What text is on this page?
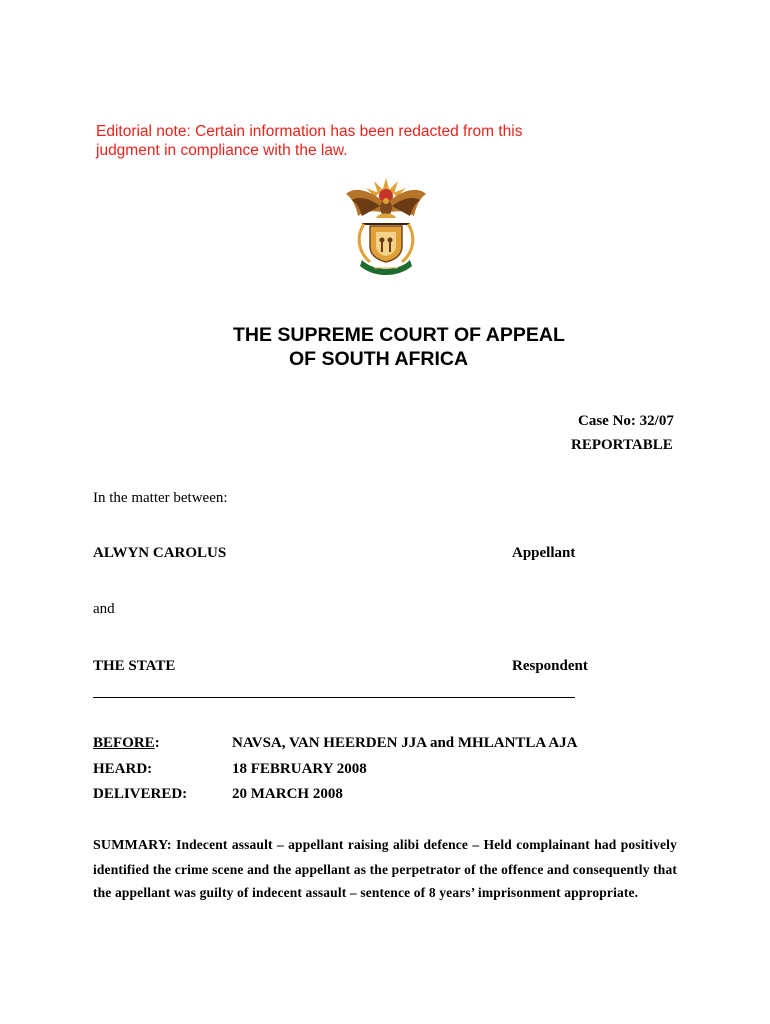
Editorial note: Certain information has been redacted from this
judgment in compliance with the law.
THE SUPREME COURT OF APPEAL
OF SOUTH AFRICA
Case No: 32/07
REPORTABLE
In the matter between:
ALWYN CAROLUS	Appellant
and
THE STATE	Respondent
BEFORE:	NAVSA, VAN HEERDEN JJA and MHLANTLA AJA
HEARD:	18 FEBRUARY 2008
DELIVERED:	20 MARCH 2008
SUMMARY: Indecent assault – appellant raising alibi defence – Held complainant had positively identified the crime scene and the appellant as the perpetrator of the offence and consequently that the appellant was guilty of indecent assault – sentence of 8 years’ imprisonment appropriate.
